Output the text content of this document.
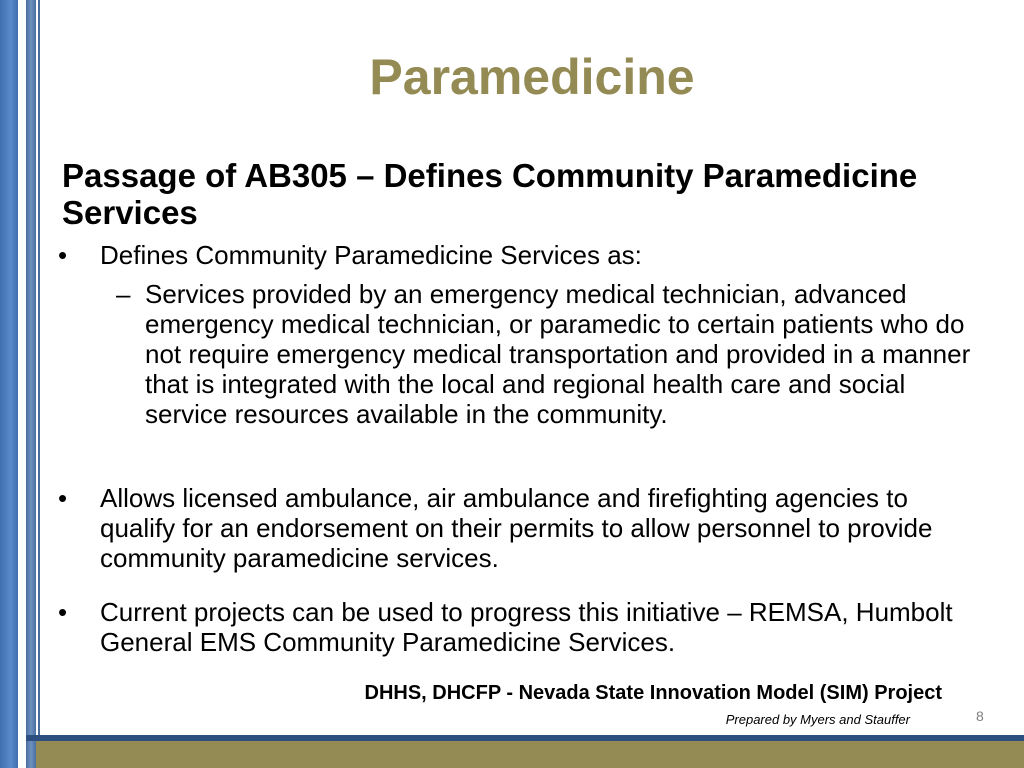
Paramedicine
Passage of AB305 – Defines Community Paramedicine Services
• Defines Community Paramedicine Services as:
– Services provided by an emergency medical technician, advanced emergency medical technician, or paramedic to certain patients who do not require emergency medical transportation and provided in a manner that is integrated with the local and regional health care and social service resources available in the community.
• Allows licensed ambulance, air ambulance and firefighting agencies to qualify for an endorsement on their permits to allow personnel to provide community paramedicine services.
• Current projects can be used to progress this initiative – REMSA, Humbolt General EMS Community Paramedicine Services.
DHHS, DHCFP - Nevada State Innovation Model (SIM) Project
Prepared by Myers and Stauffer	8
